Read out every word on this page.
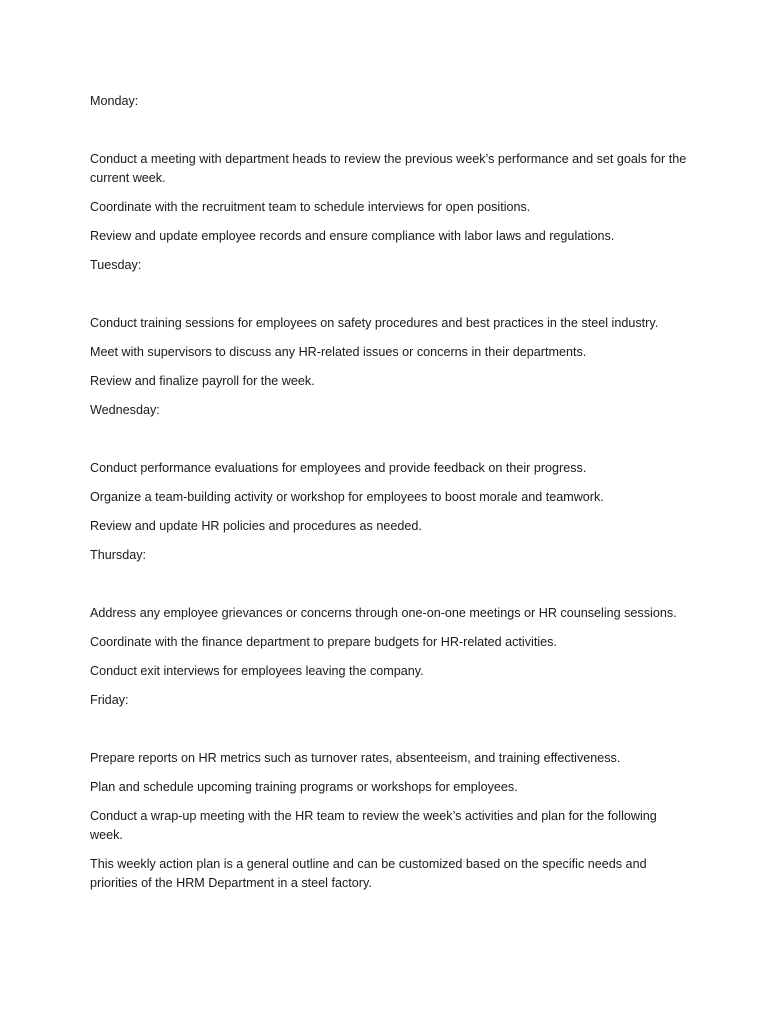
Monday:

Conduct a meeting with department heads to review the previous week’s performance and set goals for the current week.

Coordinate with the recruitment team to schedule interviews for open positions.

Review and update employee records and ensure compliance with labor laws and regulations.

Tuesday:

Conduct training sessions for employees on safety procedures and best practices in the steel industry.

Meet with supervisors to discuss any HR-related issues or concerns in their departments.

Review and finalize payroll for the week.

Wednesday:

Conduct performance evaluations for employees and provide feedback on their progress.

Organize a team-building activity or workshop for employees to boost morale and teamwork.

Review and update HR policies and procedures as needed.

Thursday:

Address any employee grievances or concerns through one-on-one meetings or HR counseling sessions.

Coordinate with the finance department to prepare budgets for HR-related activities.

Conduct exit interviews for employees leaving the company.

Friday:

Prepare reports on HR metrics such as turnover rates, absenteeism, and training effectiveness.

Plan and schedule upcoming training programs or workshops for employees.

Conduct a wrap-up meeting with the HR team to review the week’s activities and plan for the following week.

This weekly action plan is a general outline and can be customized based on the specific needs and priorities of the HRM Department in a steel factory.
